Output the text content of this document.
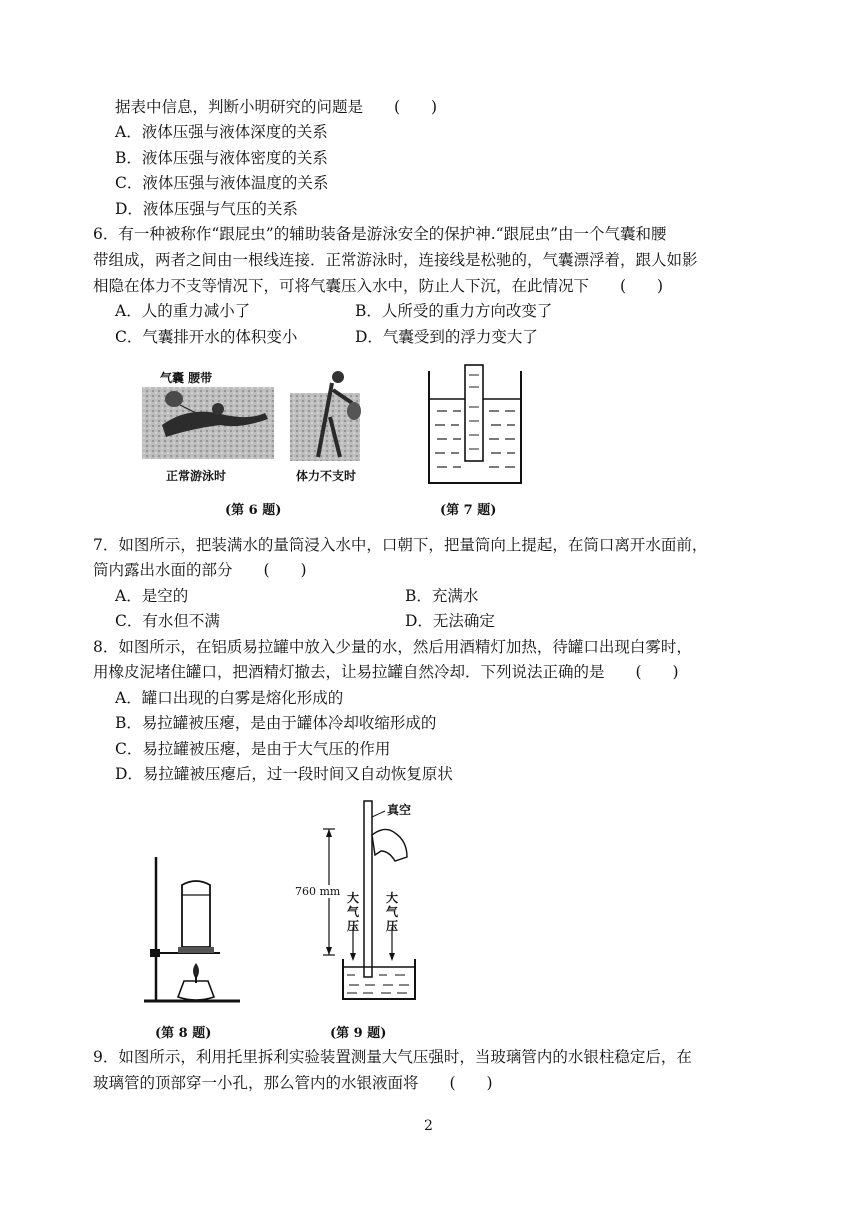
据表中信息，判断小明研究的问题是　　(　　)
A．液体压强与液体深度的关系
B．液体压强与液体密度的关系
C．液体压强与液体温度的关系
D．液体压强与气压的关系
6．有一种被称作“跟屁虫”的辅助装备是游泳安全的保护神.“跟屁虫”由一个气囊和腰
带组成，两者之间由一根线连接．正常游泳时，连接线是松驰的，气囊漂浮着，跟人如影
相隐在体力不支等情况下，可将气囊压入水中，防止人下沉，在此情况下　　(　　)
A．人的重力减小了	B．人所受的重力方向改变了
C．气囊排开水的体积变小	D．气囊受到的浮力变大了
气囊 腰带
正常游泳时	体力不支时
(第 6 题)	(第 7 题)
7．如图所示，把装满水的量筒浸入水中，口朝下，把量筒向上提起，在筒口离开水面前，
筒内露出水面的部分　　(　　)
A．是空的	B．充满水
C．有水但不满	D．无法确定
8．如图所示，在铝质易拉罐中放入少量的水，然后用酒精灯加热，待罐口出现白雾时，
用橡皮泥堵住罐口，把酒精灯撤去，让易拉罐自然冷却．下列说法正确的是　　(　　)
A．罐口出现的白雾是熔化形成的
B．易拉罐被压瘪，是由于罐体冷却收缩形成的
C．易拉罐被压瘪，是由于大气压的作用
D．易拉罐被压瘪后，过一段时间又自动恢复原状
(第 8 题)
真空
760 mm 大
气
压
大
气
压
(第 9 题)
9．如图所示，利用托里拆利实验装置测量大气压强时，当玻璃管内的水银柱稳定后，在
玻璃管的顶部穿一小孔，那么管内的水银液面将　　(　　)
2
